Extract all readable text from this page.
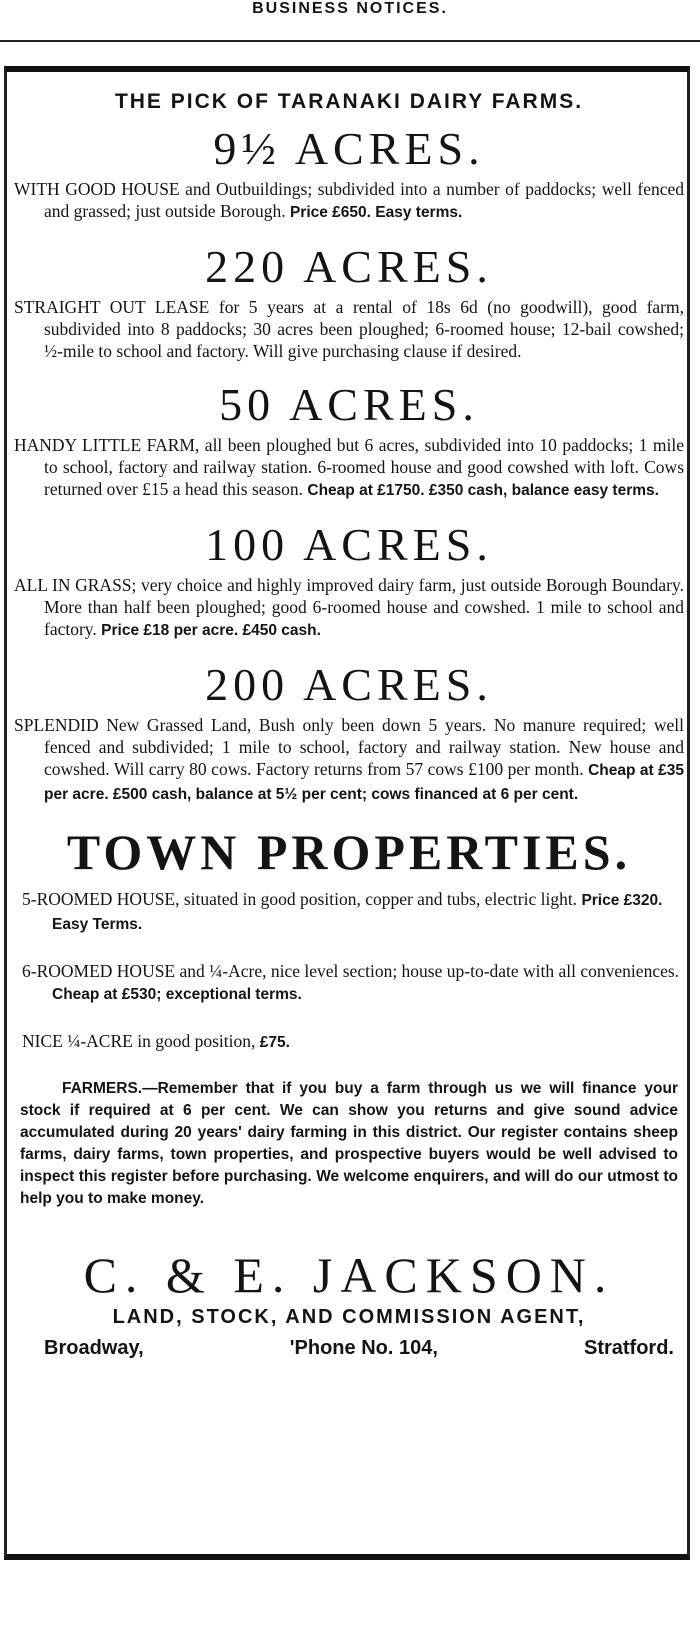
BUSINESS NOTICES.
THE PICK OF TARANAKI DAIRY FARMS.
9½ ACRES.

WITH GOOD HOUSE and Outbuildings; subdivided into a number of paddocks; well fenced and grassed; just outside Borough. Price £650. Easy terms.

220 ACRES.

STRAIGHT OUT LEASE for 5 years at a rental of 18s 6d (no goodwill), good farm, subdivided into 8 paddocks; 30 acres been ploughed; 6-roomed house; 12-bail cowshed; ½-mile to school and factory. Will give purchasing clause if desired.

50 ACRES.

HANDY LITTLE FARM, all been ploughed but 6 acres, subdivided into 10 paddocks; 1 mile to school, factory and railway station. 6-roomed house and good cowshed with loft. Cows returned over £15 a head this season. Cheap at £1750. £350 cash, balance easy terms.

100 ACRES.

ALL IN GRASS; very choice and highly improved dairy farm, just outside Borough Boundary. More than half been ploughed; good 6-roomed house and cowshed. 1 mile to school and factory. Price £18 per acre. £450 cash.

200 ACRES.

SPLENDID New Grassed Land, Bush only been down 5 years. No manure required; well fenced and subdivided; 1 mile to school, factory and railway station. New house and cowshed. Will carry 80 cows. Factory returns from 57 cows £100 per month. Cheap at £35 per acre. £500 cash, balance at 5½ per cent; cows financed at 6 per cent.

TOWN PROPERTIES.

5-ROOMED HOUSE, situated in good position, copper and tubs, electric light. Price £320. Easy Terms.

6-ROOMED HOUSE and ¼-Acre, nice level section; house up-to-date with all conveniences. Cheap at £530; exceptional terms.

NICE ¼-ACRE in good position, £75.

FARMERS.—Remember that if you buy a farm through us we will finance your stock if required at 6 per cent. We can show you returns and give sound advice accumulated during 20 years' dairy farming in this district. Our register contains sheep farms, dairy farms, town properties, and prospective buyers would be well advised to inspect this register before purchasing. We welcome enquirers, and will do our utmost to help you to make money.

C. & E. JACKSON.
LAND, STOCK, AND COMMISSION AGENT,
Broadway,	'Phone No. 104,	Stratford.
